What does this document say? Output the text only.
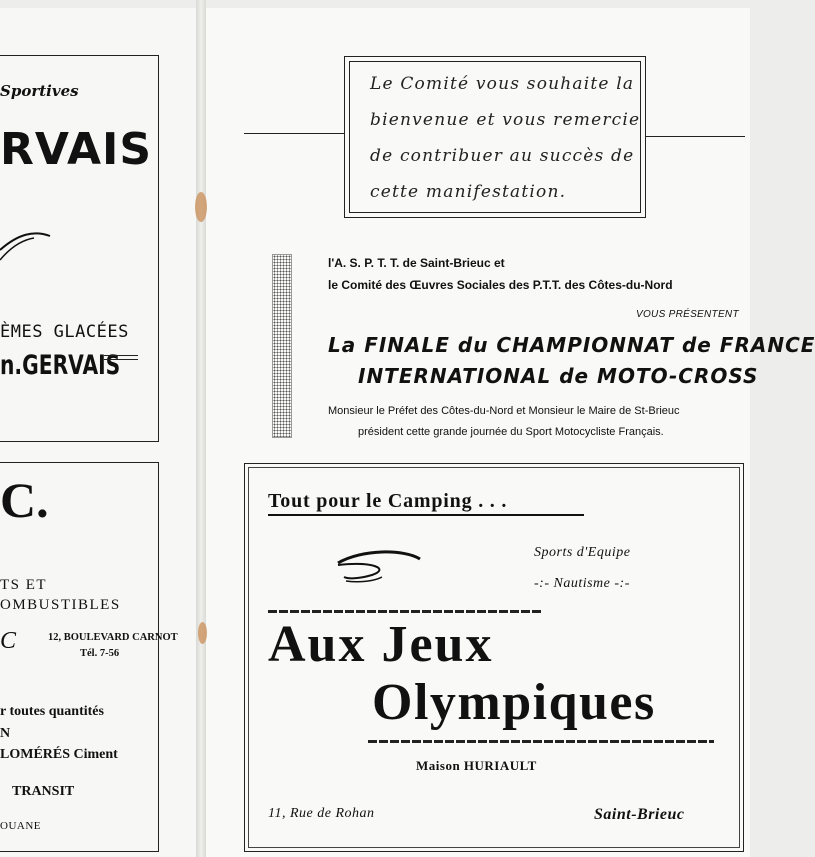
Sportives
RVAIS
ÈMES GLACÉES
n.GERVAIS
C.
TS ET
OMBUSTIBLES
C	12, BOULEVARD CARNOT
Tél. 7-56
r toutes quantités
N
LOMÉRÉS Ciment
TRANSIT
OUANE
Le Comité vous souhaite la
bienvenue et vous remercie
de contribuer au succès de
cette manifestation.
l'A. S. P. T. T. de Saint-Brieuc et
le Comité des Œuvres Sociales des P.T.T. des Côtes-du-Nord
VOUS PRÉSENTENT
La FINALE du CHAMPIONNAT de FRANCE
INTERNATIONAL de MOTO-CROSS
Monsieur le Préfet des Côtes-du-Nord et Monsieur le Maire de St-Brieuc
président cette grande journée du Sport Motocycliste Français.
Tout pour le Camping . . .
Sports d'Equipe
-:- Nautisme -:-
Aux Jeux
Olympiques
Maison HURIAULT
11, Rue de Rohan	Saint-Brieuc
